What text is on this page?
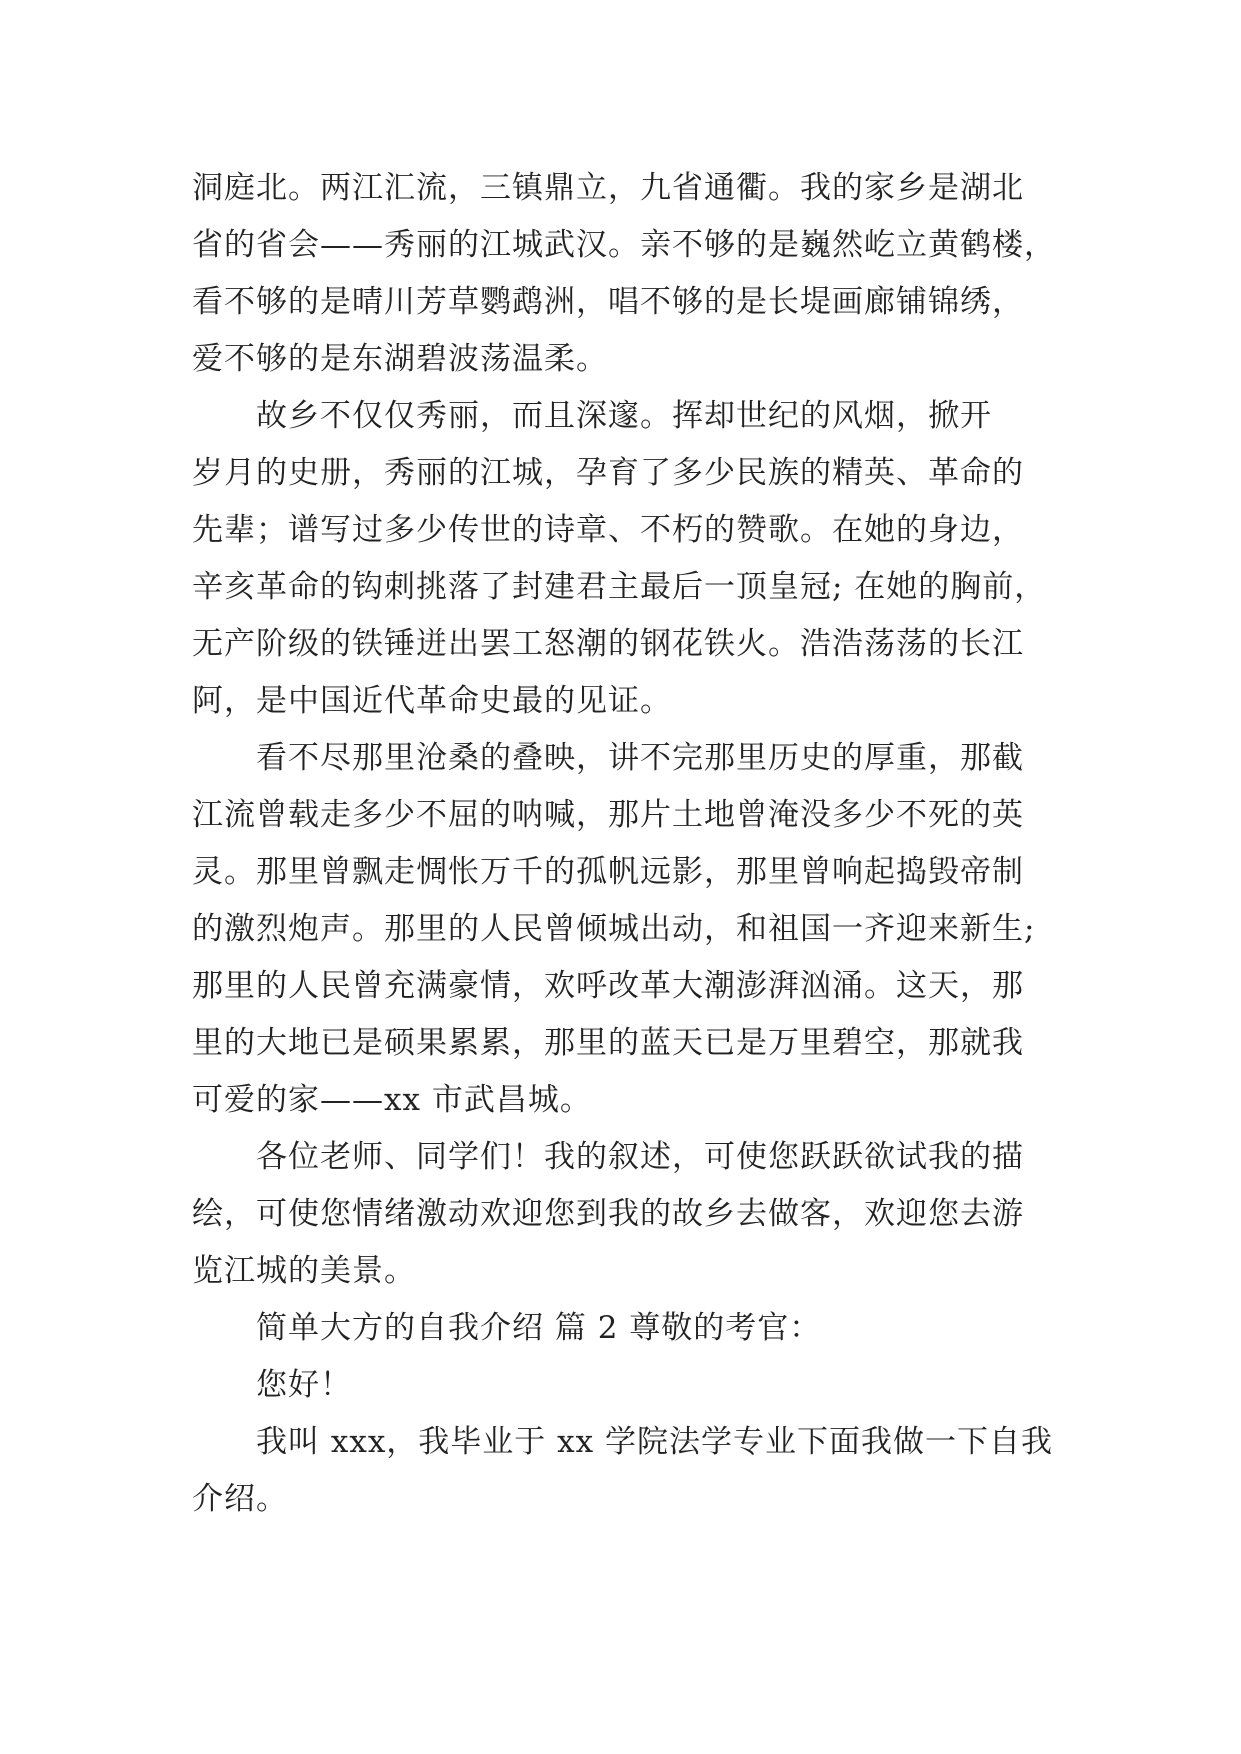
洞庭北。两江汇流，三镇鼎立，九省通衢。我的家乡是湖北

省的省会——秀丽的江城武汉。亲不够的是巍然屹立黄鹤楼，

看不够的是晴川芳草鹦鹉洲，唱不够的是长堤画廊铺锦绣，

爱不够的是东湖碧波荡温柔。

故乡不仅仅秀丽，而且深邃。挥却世纪的风烟，掀开

岁月的史册，秀丽的江城，孕育了多少民族的精英、革命的

先辈；谱写过多少传世的诗章、不朽的赞歌。在她的身边，

辛亥革命的钩刺挑落了封建君主最后一顶皇冠; 在她的胸前，

无产阶级的铁锤迸出罢工怒潮的钢花铁火。浩浩荡荡的长江

阿，是中国近代革命史最的见证。

看不尽那里沧桑的叠映，讲不完那里历史的厚重，那截

江流曾载走多少不屈的呐喊，那片土地曾淹没多少不死的英

灵。那里曾飘走惆怅万千的孤帆远影，那里曾响起捣毁帝制

的激烈炮声。那里的人民曾倾城出动，和祖国一齐迎来新生;

那里的人民曾充满豪情，欢呼改革大潮澎湃汹涌。这天，那

里的大地已是硕果累累，那里的蓝天已是万里碧空，那就我

可爱的家——xx 市武昌城。

各位老师、同学们！我的叙述，可使您跃跃欲试我的描

绘，可使您情绪激动欢迎您到我的故乡去做客，欢迎您去游

览江城的美景。

简单大方的自我介绍 篇 2 尊敬的考官：

您好！

我叫 xxx，我毕业于 xx 学院法学专业下面我做一下自我

介绍。
